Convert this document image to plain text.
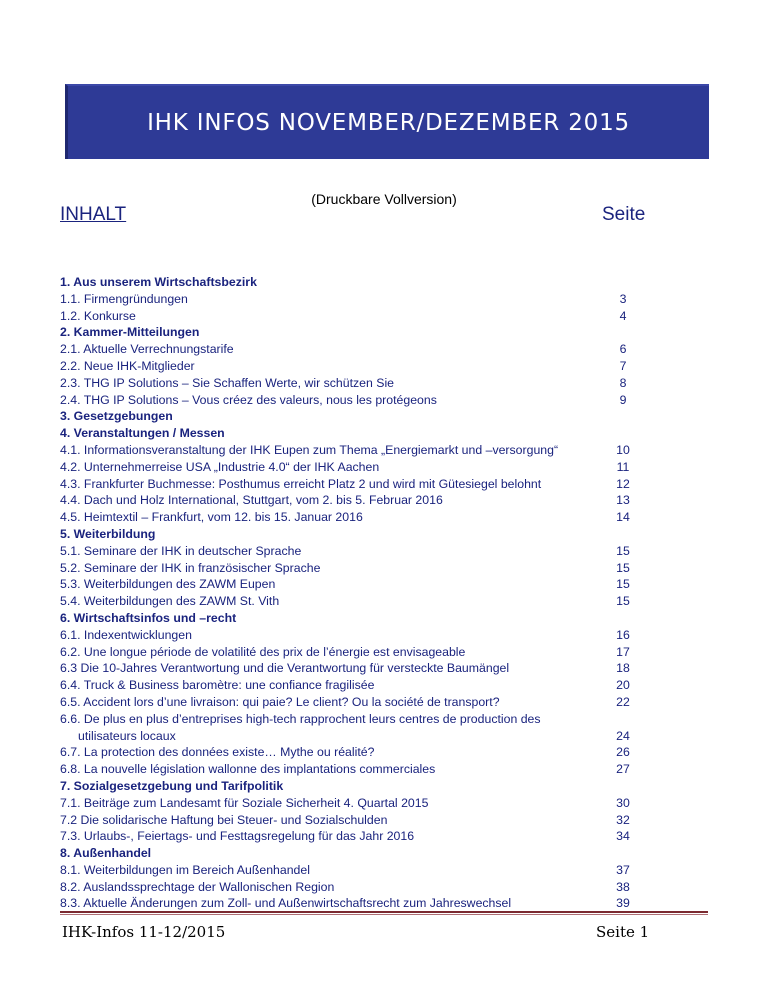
IHK INFOS NOVEMBER/DEZEMBER 2015
(Druckbare Vollversion)
INHALT	Seite
1. Aus unserem Wirtschaftsbezirk
1.1. Firmengründungen	3
1.2. Konkurse	4
2. Kammer-Mitteilungen
2.1. Aktuelle Verrechnungstarife	6
2.2. Neue IHK-Mitglieder	7
2.3. THG IP Solutions – Sie Schaffen Werte, wir schützen Sie	8
2.4. THG IP Solutions – Vous créez des valeurs, nous les protégeons	9
3. Gesetzgebungen
4. Veranstaltungen / Messen
4.1. Informationsveranstaltung der IHK Eupen zum Thema „Energiemarkt und –versorgung“	10
4.2. Unternehmerreise USA „Industrie 4.0“ der IHK Aachen	11
4.3. Frankfurter Buchmesse: Posthumus erreicht Platz 2 und wird mit Gütesiegel belohnt	12
4.4. Dach und Holz International, Stuttgart, vom 2. bis 5. Februar 2016	13
4.5. Heimtextil – Frankfurt, vom 12. bis 15. Januar 2016	14
5. Weiterbildung
5.1. Seminare der IHK in deutscher Sprache	15
5.2. Seminare der IHK in französischer Sprache	15
5.3. Weiterbildungen des ZAWM Eupen	15
5.4. Weiterbildungen des ZAWM St. Vith	15
6. Wirtschaftsinfos und –recht
6.1. Indexentwicklungen	16
6.2. Une longue période de volatilité des prix de l’énergie est envisageable	17
6.3 Die 10-Jahres Verantwortung und die Verantwortung für versteckte Baumängel	18
6.4. Truck & Business baromètre: une confiance fragilisée	20
6.5. Accident lors d’une livraison: qui paie? Le client? Ou la société de transport?	22
6.6. De plus en plus d’entreprises high-tech rapprochent leurs centres de production des
utilisateurs locaux	24
6.7. La protection des données existe… Mythe ou réalité?	26
6.8. La nouvelle législation wallonne des implantations commerciales	27
7. Sozialgesetzgebung und Tarifpolitik
7.1. Beiträge zum Landesamt für Soziale Sicherheit 4. Quartal 2015	30
7.2 Die solidarische Haftung bei Steuer- und Sozialschulden	32
7.3. Urlaubs-, Feiertags- und Festtagsregelung für das Jahr 2016	34
8. Außenhandel
8.1. Weiterbildungen im Bereich Außenhandel	37
8.2. Auslandssprechtage der Wallonischen Region	38
8.3. Aktuelle Änderungen zum Zoll- und Außenwirtschaftsrecht zum Jahreswechsel	39
IHK-Infos 11-12/2015	Seite 1
